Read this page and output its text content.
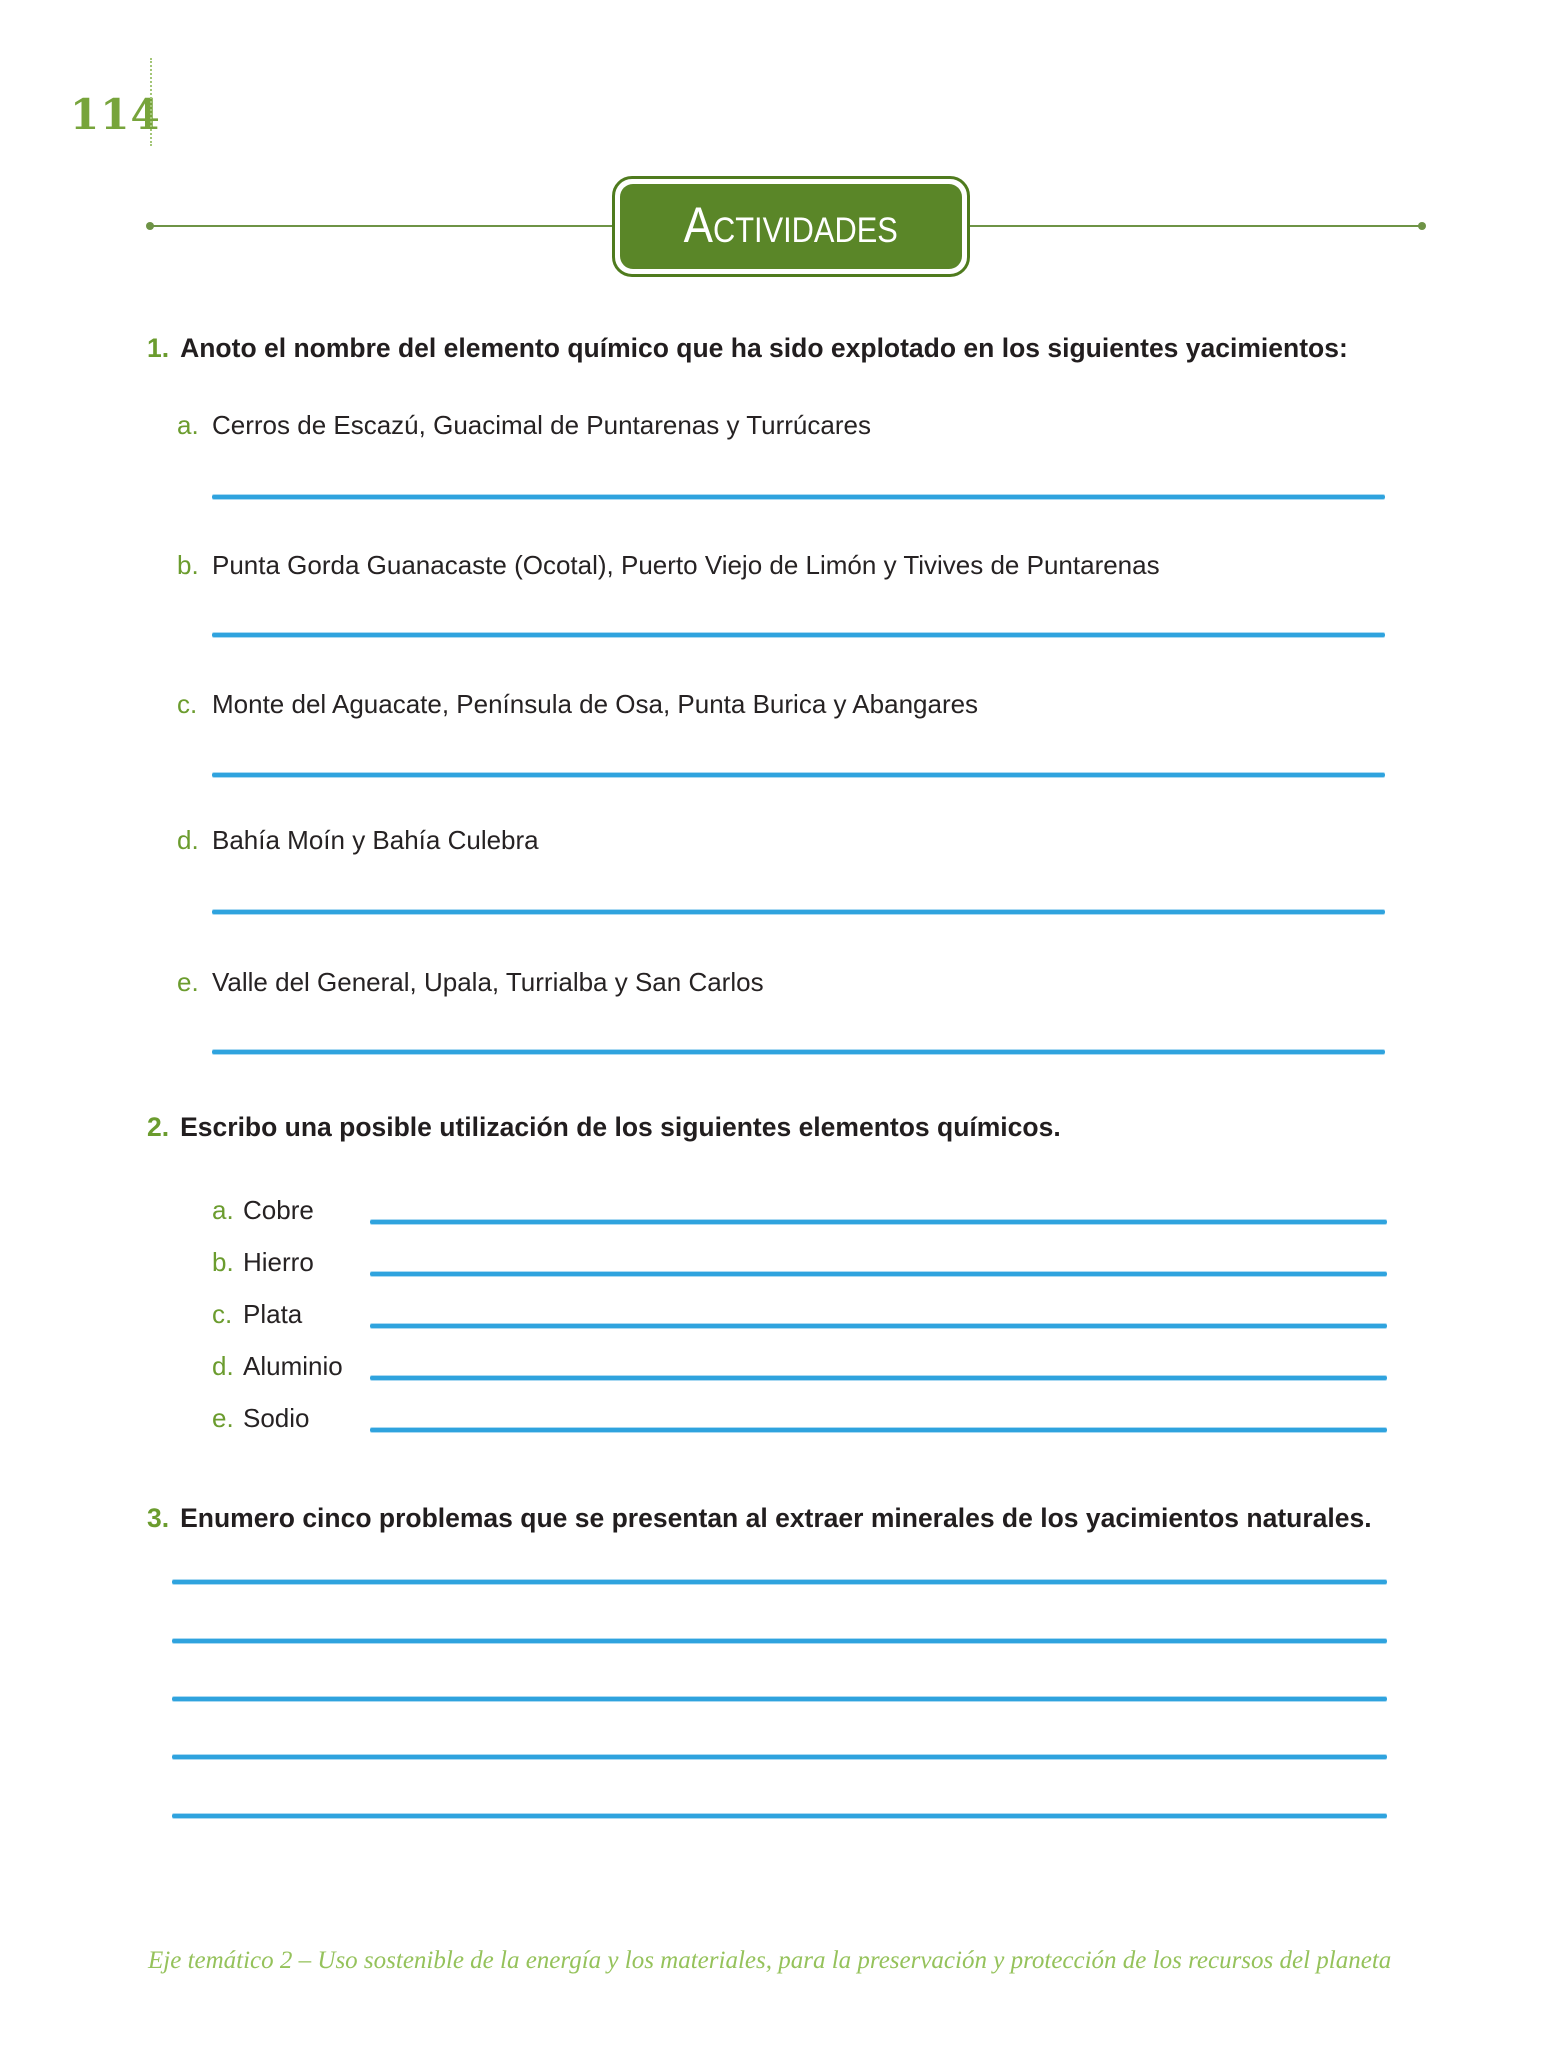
114
Actividades
1. Anoto el nombre del elemento químico que ha sido explotado en los siguientes yacimientos:
a. Cerros de Escazú, Guacimal de Puntarenas y Turrúcares
b. Punta Gorda Guanacaste (Ocotal), Puerto Viejo de Limón y Tivives de Puntarenas
c. Monte del Aguacate, Península de Osa, Punta Burica y Abangares
d. Bahía Moín y Bahía Culebra
e. Valle del General, Upala, Turrialba y San Carlos
2. Escribo una posible utilización de los siguientes elementos químicos.
a. Cobre
b. Hierro
c. Plata
d. Aluminio
e. Sodio
3. Enumero cinco problemas que se presentan al extraer minerales de los yacimientos naturales.
Eje temático 2 – Uso sostenible de la energía y los materiales, para la preservación y protección de los recursos del planeta
